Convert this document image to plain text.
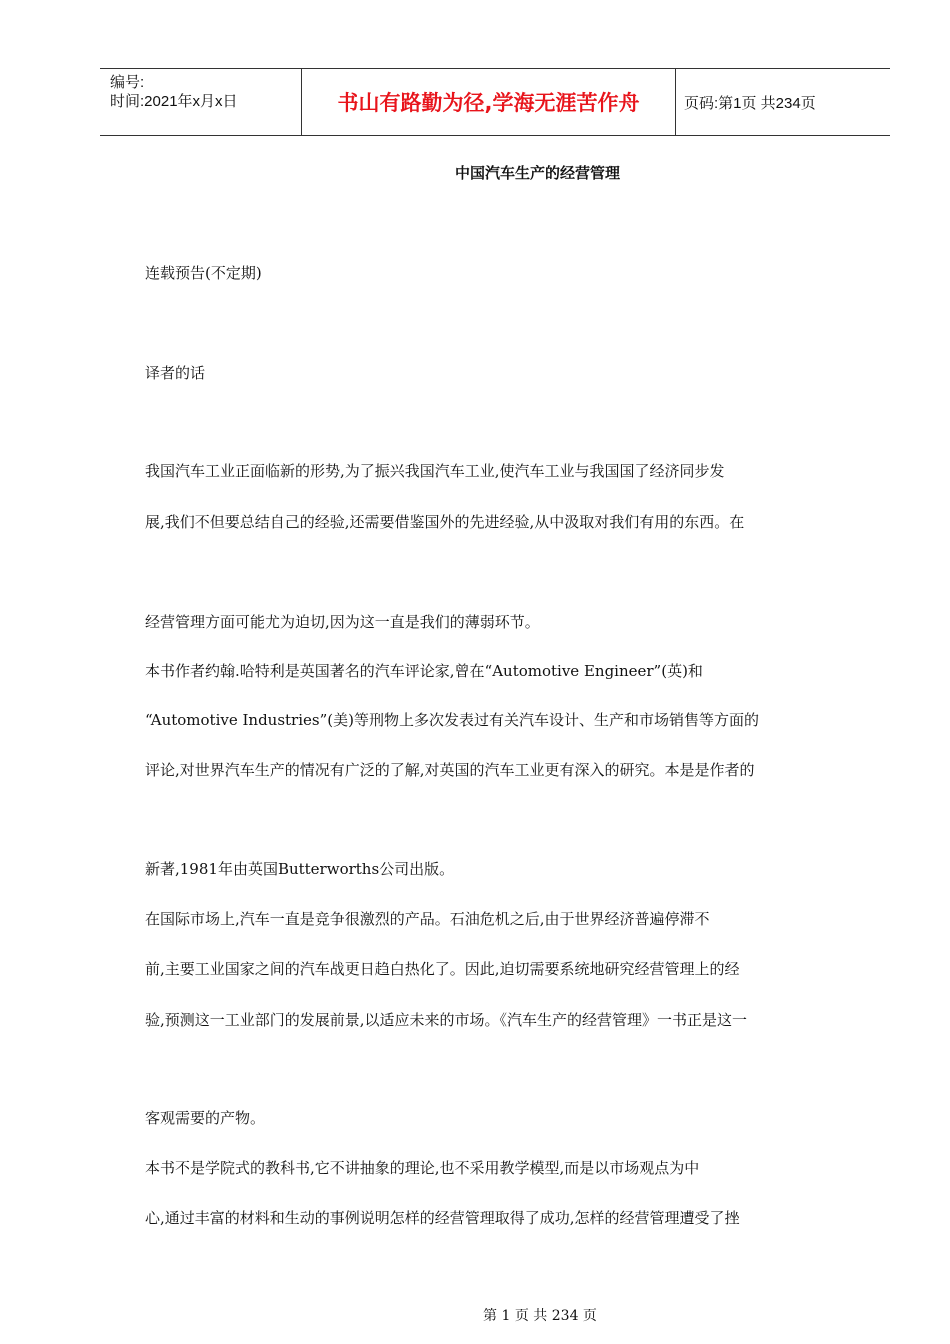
编号:
时间:2021年x月x日	书山有路勤为径,学海无涯苦作舟	页码:第1页 共234页
中国汽车生产的经营管理
连载预告(不定期)
译者的话
我国汽车工业正面临新的形势,为了振兴我国汽车工业,使汽车工业与我国国了经济同步发
展,我们不但要总结自己的经验,还需要借鉴国外的先进经验,从中汲取对我们有用的东西。在
经营管理方面可能尤为迫切,因为这一直是我们的薄弱环节。
本书作者约翰.哈特利是英国著名的汽车评论家,曾在“Automotive Engineer”(英)和
“Automotive Industries”(美)等刑物上多次发表过有关汽车设计、生产和市场销售等方面的
评论,对世界汽车生产的情况有广泛的了解,对英国的汽车工业更有深入的研究。本是是作者的
新著,1981年由英国Butterworths公司出版。
在国际市场上,汽车一直是竞争很激烈的产品。石油危机之后,由于世界经济普遍停滞不
前,主要工业国家之间的汽车战更日趋白热化了。因此,迫切需要系统地研究经营管理上的经
验,预测这一工业部门的发展前景,以适应未来的市场。《汽车生产的经营管理》一书正是这一
客观需要的产物。
本书不是学院式的教科书,它不讲抽象的理论,也不采用教学模型,而是以市场观点为中
心,通过丰富的材料和生动的事例说明怎样的经营管理取得了成功,怎样的经营管理遭受了挫
第 1 页 共 234 页
